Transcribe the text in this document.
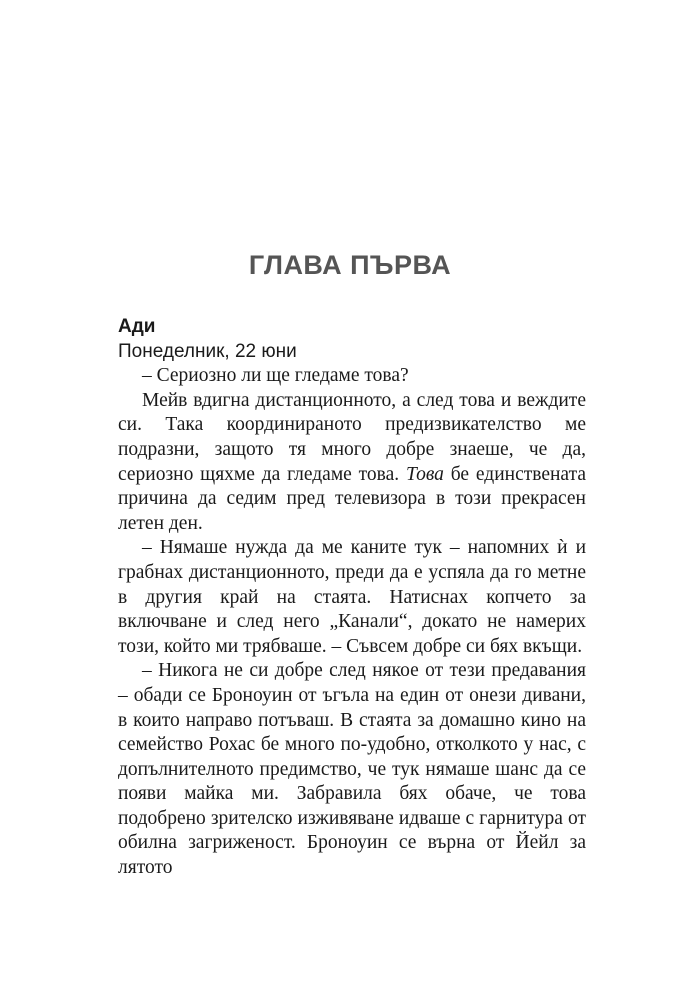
ГЛАВА ПЪРВА

Ади

Понеделник, 22 юни

– Сериозно ли ще гледаме това?

Мейв вдигна дистанционното, а след това и веждите си. Така координираното предизвикателство ме подразни, защото тя много добре знаеше, че да, сериозно щяхме да гледаме това. Това бе единствената причина да седим пред телевизора в този прекрасен летен ден.

– Нямаше нужда да ме каните тук – напомних ѝ и грабнах дистанционното, преди да е успяла да го метне в другия край на стаята. Натиснах копчето за включване и след него „Канали“, докато не намерих този, който ми трябваше. – Съвсем добре си бях вкъщи.

– Никога не си добре след някое от тези предавания – обади се Броноуин от ъгъла на един от онези дивани, в които направо потъваш. В стаята за домашно кино на семейство Рохас бе много по-удобно, отколкото у нас, с допълнителното предимство, че тук нямаше шанс да се появи майка ми. Забравила бях обаче, че това подобрено зрителско изживяване идваше с гарнитура от обилна загриженост. Броноуин се върна от Йейл за лятото
